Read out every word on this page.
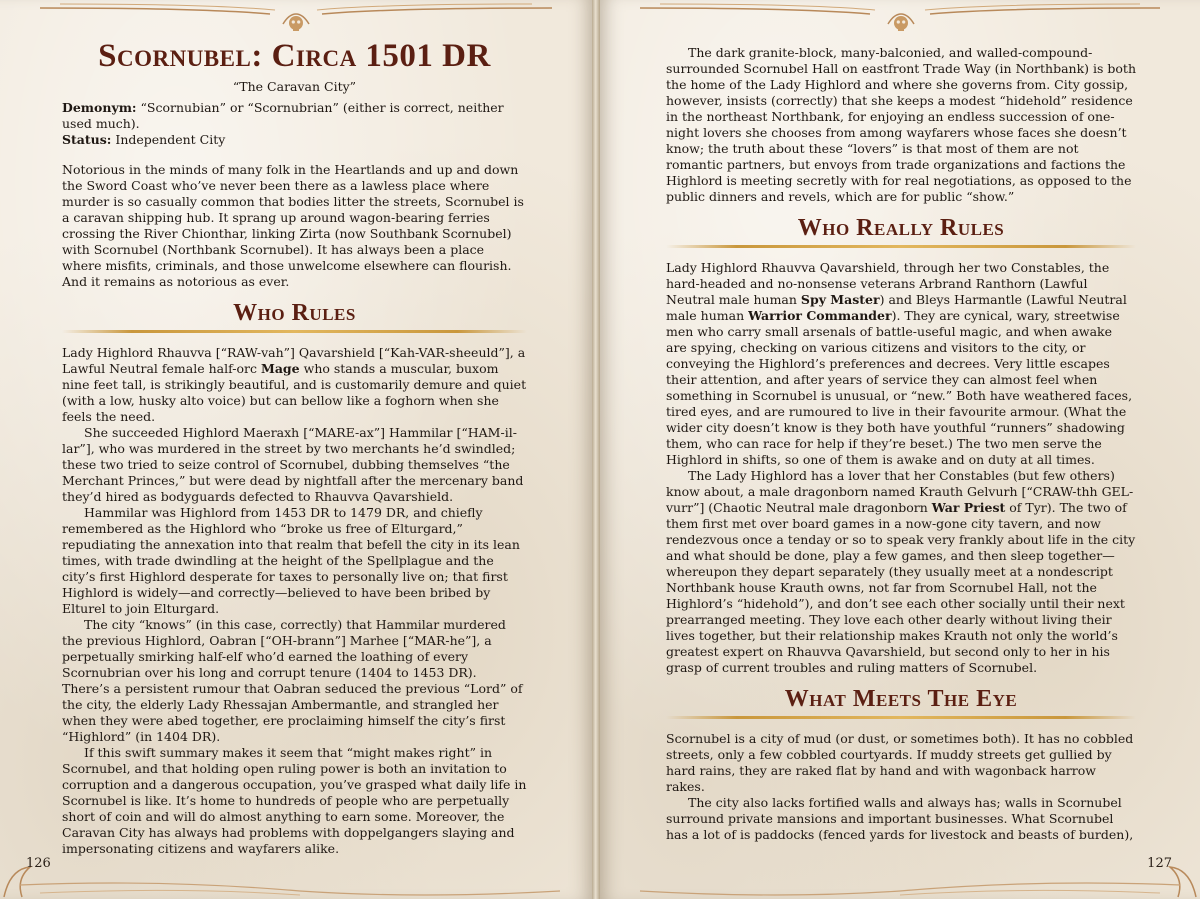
Scornubel: Circa 1501 DR
“The Caravan City”
Demonym: “Scornubian” or “Scornubrian” (either is correct, neither used much).
Status: Independent City

Notorious in the minds of many folk in the Heartlands and up and down the Sword Coast who’ve never been there as a lawless place where murder is so casually common that bodies litter the streets, Scornubel is a caravan shipping hub. It sprang up around wagon-bearing ferries crossing the River Chionthar, linking Zirta (now Southbank Scornubel) with Scornubel (Northbank Scornubel). It has always been a place where misfits, criminals, and those unwelcome elsewhere can flourish. And it remains as notorious as ever.

Who Rules

Lady Highlord Rhauvva [“RAW-vah”] Qavarshield [“Kah-VAR-sheeuld”], a Lawful Neutral female half-orc Mage who stands a muscular, buxom nine feet tall, is strikingly beautiful, and is customarily demure and quiet (with a low, husky alto voice) but can bellow like a foghorn when she feels the need.

She succeeded Highlord Maeraxh [“MARE-ax”] Hammilar [“HAM-il-lar”], who was murdered in the street by two merchants he’d swindled; these two tried to seize control of Scornubel, dubbing themselves “the Merchant Princes,” but were dead by nightfall after the mercenary band they’d hired as bodyguards defected to Rhauvva Qavarshield.

Hammilar was Highlord from 1453 DR to 1479 DR, and chiefly remembered as the Highlord who “broke us free of Elturgard,” repudiating the annexation into that realm that befell the city in its lean times, with trade dwindling at the height of the Spellplague and the city’s first Highlord desperate for taxes to personally live on; that first Highlord is widely—and correctly—believed to have been bribed by Elturel to join Elturgard.

The city “knows” (in this case, correctly) that Hammilar murdered the previous Highlord, Oabran [“OH-brann”] Marhee [“MAR-he”], a perpetually smirking half-elf who’d earned the loathing of every Scornubrian over his long and corrupt tenure (1404 to 1453 DR). There’s a persistent rumour that Oabran seduced the previous “Lord” of the city, the elderly Lady Rhessajan Ambermantle, and strangled her when they were abed together, ere proclaiming himself the city’s first “Highlord” (in 1404 DR).

If this swift summary makes it seem that “might makes right” in Scornubel, and that holding open ruling power is both an invitation to corruption and a dangerous occupation, you’ve grasped what daily life in Scornubel is like. It’s home to hundreds of people who are perpetually short of coin and will do almost anything to earn some. Moreover, the Caravan City has always had problems with doppelgangers slaying and impersonating citizens and wayfarers alike.

126

The dark granite-block, many-balconied, and walled-compound-surrounded Scornubel Hall on eastfront Trade Way (in Northbank) is both the home of the Lady Highlord and where she governs from. City gossip, however, insists (correctly) that she keeps a modest “hidehold” residence in the northeast Northbank, for enjoying an endless succession of one-night lovers she chooses from among wayfarers whose faces she doesn’t know; the truth about these “lovers” is that most of them are not romantic partners, but envoys from trade organizations and factions the Highlord is meeting secretly with for real negotiations, as opposed to the public dinners and revels, which are for public “show.”

Who Really Rules

Lady Highlord Rhauvva Qavarshield, through her two Constables, the hard-headed and no-nonsense veterans Arbrand Ranthorn (Lawful Neutral male human Spy Master) and Bleys Harmantle (Lawful Neutral male human Warrior Commander). They are cynical, wary, streetwise men who carry small arsenals of battle-useful magic, and when awake are spying, checking on various citizens and visitors to the city, or conveying the Highlord’s preferences and decrees. Very little escapes their attention, and after years of service they can almost feel when something in Scornubel is unusual, or “new.” Both have weathered faces, tired eyes, and are rumoured to live in their favourite armour. (What the wider city doesn’t know is they both have youthful “runners” shadowing them, who can race for help if they’re beset.) The two men serve the Highlord in shifts, so one of them is awake and on duty at all times.

The Lady Highlord has a lover that her Constables (but few others) know about, a male dragonborn named Krauth Gelvurh [“CRAW-thh GEL-vurr”] (Chaotic Neutral male dragonborn War Priest of Tyr). The two of them first met over board games in a now-gone city tavern, and now rendezvous once a tenday or so to speak very frankly about life in the city and what should be done, play a few games, and then sleep together—whereupon they depart separately (they usually meet at a nondescript Northbank house Krauth owns, not far from Scornubel Hall, not the Highlord’s “hidehold”), and don’t see each other socially until their next prearranged meeting. They love each other dearly without living their lives together, but their relationship makes Krauth not only the world’s greatest expert on Rhauvva Qavarshield, but second only to her in his grasp of current troubles and ruling matters of Scornubel.

What Meets The Eye

Scornubel is a city of mud (or dust, or sometimes both). It has no cobbled streets, only a few cobbled courtyards. If muddy streets get gullied by hard rains, they are raked flat by hand and with wagonback harrow rakes.

The city also lacks fortified walls and always has; walls in Scornubel surround private mansions and important businesses. What Scornubel has a lot of is paddocks (fenced yards for livestock and beasts of burden),

127
